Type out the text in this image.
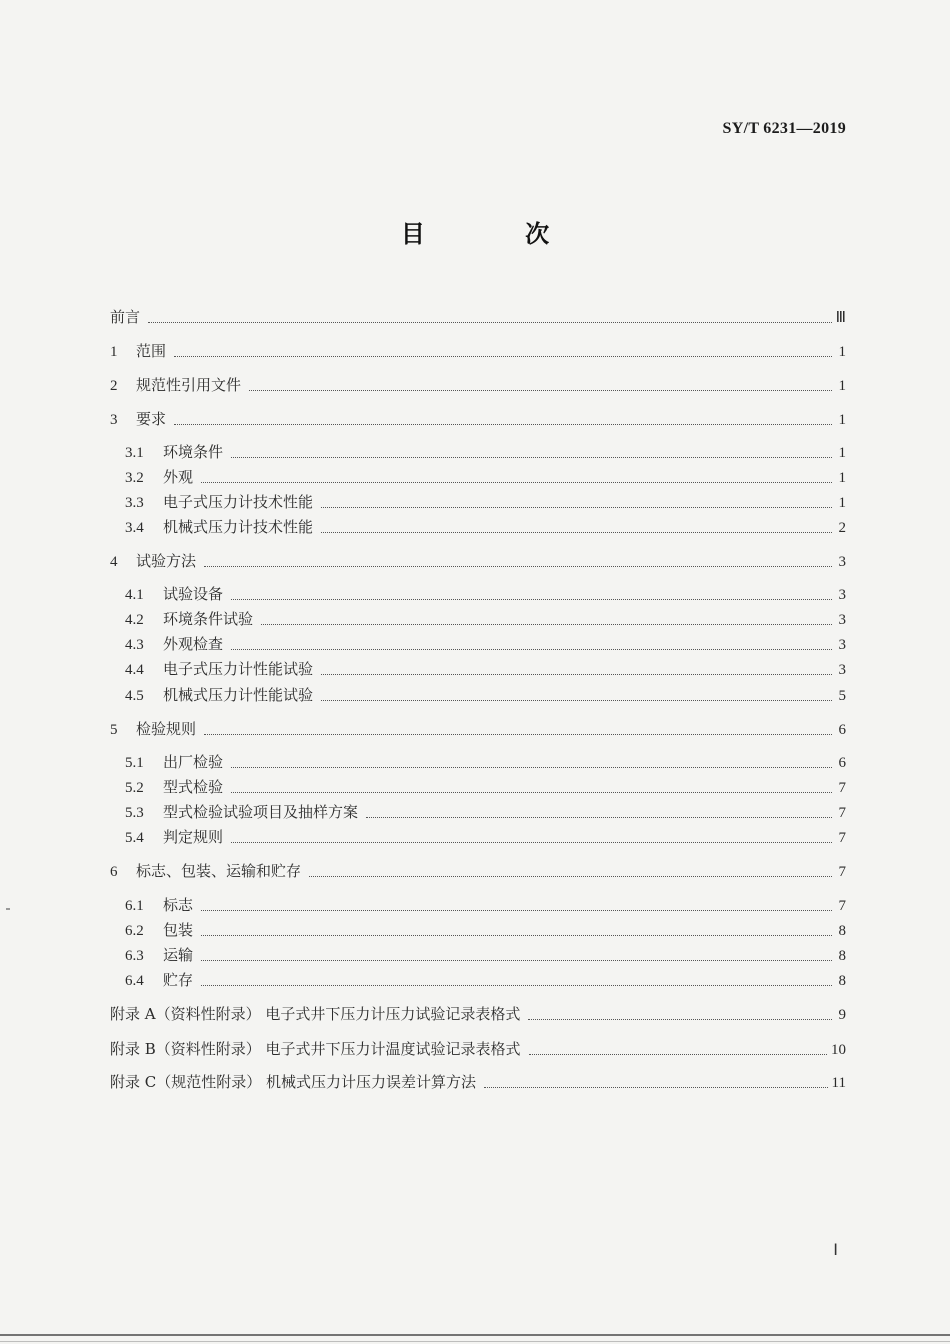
SY/T 6231—2019
目 次
前言	Ⅲ
1	范围	1
2	规范性引用文件	1
3	要求	1
3.1	环境条件	1
3.2	外观	1
3.3	电子式压力计技术性能	1
3.4	机械式压力计技术性能	2
4	试验方法	3
4.1	试验设备	3
4.2	环境条件试验	3
4.3	外观检查	3
4.4	电子式压力计性能试验	3
4.5	机械式压力计性能试验	5
5	检验规则	6
5.1	出厂检验	6
5.2	型式检验	7
5.3	型式检验试验项目及抽样方案	7
5.4	判定规则	7
6	标志、包装、运输和贮存	7
6.1	标志	7
6.2	包装	8
6.3	运输	8
6.4	贮存	8
附录 A（资料性附录） 电子式井下压力计压力试验记录表格式	9
附录 B（资料性附录） 电子式井下压力计温度试验记录表格式	10
附录 C（规范性附录） 机械式压力计压力误差计算方法	11
Ⅰ
